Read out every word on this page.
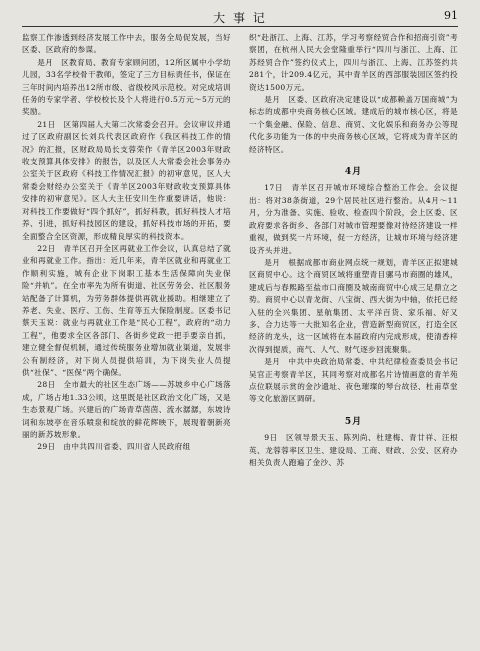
大 事 记	91

监察工作渗透到经济发展工作中去，服务全局促发展，当好区委、区政府的参谋。

是月　区教育局、教育专家顾问团，12所区属中小学幼儿园，33名学校骨干教师，签定了三方目标责任书，保证在三年时间内培养出12所市级、省级校风示范校。对完成培训任务的专家学者、学校校长及个人将进行0.5万元～5万元的奖励。

21日　区第四届人大第二次常委会召开。会议审议并通过了区政府副区长刘兵代表区政府作《我区科技工作的情况》的汇报，区财政局局长支蓉荣作《青羊区2003年财政收支预算具体安排》的报告，以及区人大常委会社会事务办公室关于区政府《科技工作情况汇报》的初审意见，区人大常委会财经办公室关于《青羊区2003年财政收支预算具体安排的初审意见》。区人大主任安川生作重要讲话，他说：对科技工作要做好“四个抓好”，抓好科教，抓好科技人才培养、引进，抓好科技园区的建设，抓好科技市场的开拓，要全面整合全区资源，形成精良厚实的科技资本。

22日　青羊区召开全区再就业工作会议，认真总结了就业和再就业工作。指出：近几年来，青羊区就业和再就业工作顺利实施，城有企业下岗职工基本生活保障向失业保险“并轨”。在全市率先为所有街道、社区劳务会、社区服务站配备了计算机，为劳务群体提供再就业援助。相继建立了养老、失业、医疗、工伤、生育等五大保险制度。区委书记蔡天玉说：就业与再就业工作是“民心工程”，政府的“动力工程”，他要求全区各部门、各街乡党政一把手要亲自抓，建立健全督促机制，通过传统服务业增加就业渠道，发展非公有制经济，对下岗人员提供培训，为下岗失业人员提供“社保”、“医保”两个确保。

28日　全市最大的社区生态广场——苏坡乡中心广场落成，广场占地1.33公顷，这里既是社区政治文化广场，又是生态景观广场。兴建后的广场青草茵茵、流水潺潺，东坡诗词和东坡亭在音乐喷泉和绽放的鲜花辉映下，展现着朝新亮丽的新苏坡形象。

29日　由中共四川省委、四川省人民政府组

织“赴浙江、上海、江苏，学习考察经贸合作和招商引资”考察团，在杭州人民大会堂隆重举行“四川与浙江、上海、江苏经贸合作”签约仪式上，四川与浙江、上海、江苏签约共281个，计209.4亿元，其中青羊区的西部服装园区签约投资达1500万元。

是月　区委、区政府决定建设以“成都赖盖万国商城”为标志的成都中央商务核心区域。建成后的城市核心区，将是一个集金融、保险、信息、商贸、文化娱乐和商务办公等现代化多功能为一体的中央商务核心区域，它将成为青羊区的经济特区。

4月

17日　青羊区召开城市环境综合整治工作会。会议提出：将对38条街道，29个居民社区进行整治。从4月～11月，分为准备、实施、验收、检查四个阶段，会上区委、区政府要求各街乡、各部门对城市管理要像对待经济建设一样重视，做到奖一片环境，促一方经济，让城市环境与经济建设齐头并进。

是月　根据成都市商业网点统一规划，青羊区正拟建城区商贸中心。这个商贸区域将重塑青目骡马市商圈的雄风，建成后与春熙路至盐市口商圈及城南商贸中心成三足鼎立之势。商贸中心以青龙街、八宝街、西大街为中轴，依托已经入驻的全兴集团、星航集团、太平洋百货、家乐福、好又多、合力达等一大批知名企业，营造新型商贸区，打造全区经济的龙头，这一区域将在本届政府内完成形成，使清香梓次得到提质，商气、人气、财气逐步回流聚集。

是月　中共中央政治局常委、中共纪律检查委员会书记吴官正考察青羊区，其同考察对成都名片诗情画意的青羊苑点位联展示赏的金沙遗址、夜色璀璨的琴台故径、杜甫草堂等文化旅游区调研。

5月

9日　区领导景天玉、陈列尚、杜建梅、青廿祥、汪根英、龙蓉蓉率区卫生、建设局、工商、财政、公安、区府办相关负责人跑遍了金沙、苏
